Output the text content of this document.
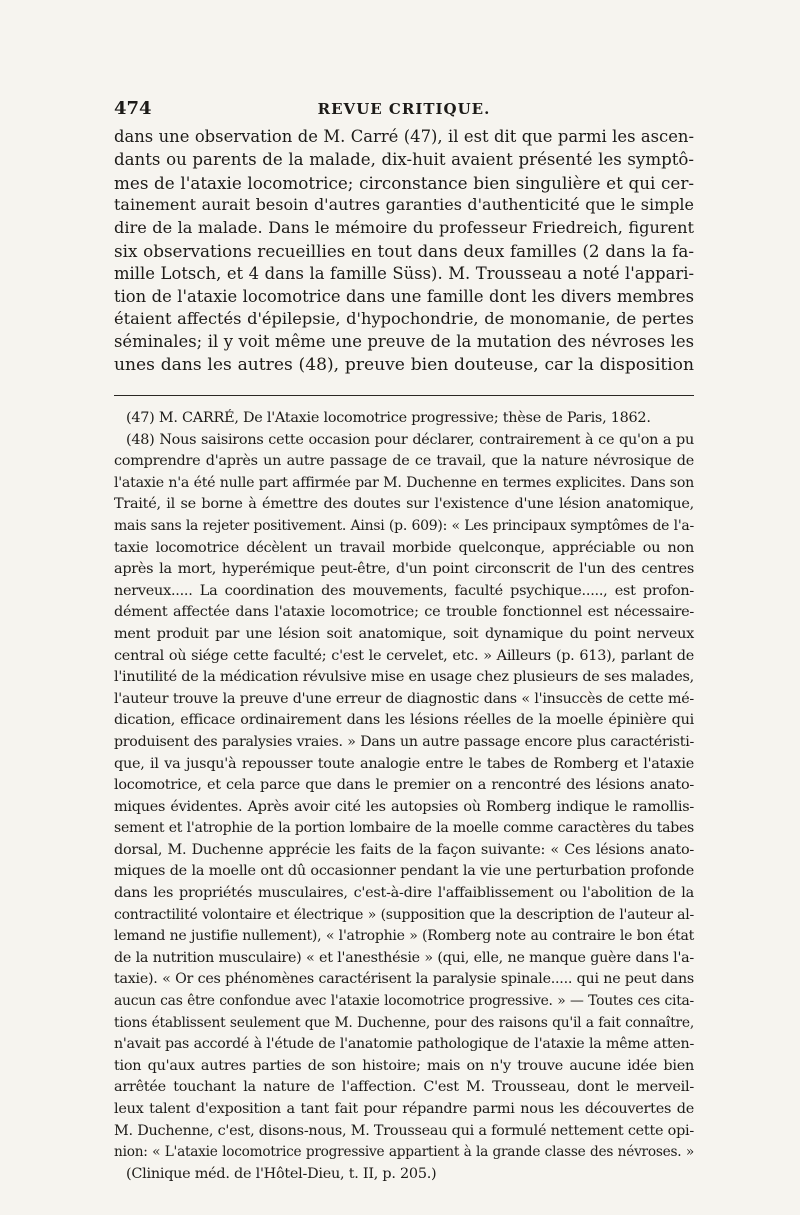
474	REVUE CRITIQUE.
dans une observation de M. Carré (47), il est dit que parmi les ascen-
dants ou parents de la malade, dix-huit avaient présenté les symptô-
mes de l'ataxie locomotrice; circonstance bien singulière et qui cer-
tainement aurait besoin d'autres garanties d'authenticité que le simple
dire de la malade. Dans le mémoire du professeur Friedreich, figurent
six observations recueillies en tout dans deux familles (2 dans la fa-
mille Lotsch, et 4 dans la famille Süss). M. Trousseau a noté l'appari-
tion de l'ataxie locomotrice dans une famille dont les divers membres
étaient affectés d'épilepsie, d'hypochondrie, de monomanie, de pertes
séminales; il y voit même une preuve de la mutation des névroses les
unes dans les autres (48), preuve bien douteuse, car la disposition
(47) M. CARRÉ, De l'Ataxie locomotrice progressive; thèse de Paris, 1862.
(48) Nous saisirons cette occasion pour déclarer, contrairement à ce qu'on a pu
comprendre d'après un autre passage de ce travail, que la nature névrosique de
l'ataxie n'a été nulle part affirmée par M. Duchenne en termes explicites. Dans son
Traité, il se borne à émettre des doutes sur l'existence d'une lésion anatomique,
mais sans la rejeter positivement. Ainsi (p. 609): « Les principaux symptômes de l'a-
taxie locomotrice décèlent un travail morbide quelconque, appréciable ou non
après la mort, hyperémique peut-être, d'un point circonscrit de l'un des centres
nerveux..... La coordination des mouvements, faculté psychique....., est profon-
dément affectée dans l'ataxie locomotrice; ce trouble fonctionnel est nécessaire-
ment produit par une lésion soit anatomique, soit dynamique du point nerveux
central où siége cette faculté; c'est le cervelet, etc. » Ailleurs (p. 613), parlant de
l'inutilité de la médication révulsive mise en usage chez plusieurs de ses malades,
l'auteur trouve la preuve d'une erreur de diagnostic dans « l'insuccès de cette mé-
dication, efficace ordinairement dans les lésions réelles de la moelle épinière qui
produisent des paralysies vraies. » Dans un autre passage encore plus caractéristi-
que, il va jusqu'à repousser toute analogie entre le tabes de Romberg et l'ataxie
locomotrice, et cela parce que dans le premier on a rencontré des lésions anato-
miques évidentes. Après avoir cité les autopsies où Romberg indique le ramollis-
sement et l'atrophie de la portion lombaire de la moelle comme caractères du tabes
dorsal, M. Duchenne apprécie les faits de la façon suivante: « Ces lésions anato-
miques de la moelle ont dû occasionner pendant la vie une perturbation profonde
dans les propriétés musculaires, c'est-à-dire l'affaiblissement ou l'abolition de la
contractilité volontaire et électrique » (supposition que la description de l'auteur al-
lemand ne justifie nullement), « l'atrophie » (Romberg note au contraire le bon état
de la nutrition musculaire) « et l'anesthésie » (qui, elle, ne manque guère dans l'a-
taxie). « Or ces phénomènes caractérisent la paralysie spinale..... qui ne peut dans
aucun cas être confondue avec l'ataxie locomotrice progressive. » — Toutes ces cita-
tions établissent seulement que M. Duchenne, pour des raisons qu'il a fait connaître,
n'avait pas accordé à l'étude de l'anatomie pathologique de l'ataxie la même atten-
tion qu'aux autres parties de son histoire; mais on n'y trouve aucune idée bien
arrêtée touchant la nature de l'affection. C'est M. Trousseau, dont le merveil-
leux talent d'exposition a tant fait pour répandre parmi nous les découvertes de
M. Duchenne, c'est, disons-nous, M. Trousseau qui a formulé nettement cette opi-
nion: « L'ataxie locomotrice progressive appartient à la grande classe des névroses. »
(Clinique méd. de l'Hôtel-Dieu, t. II, p. 205.)
